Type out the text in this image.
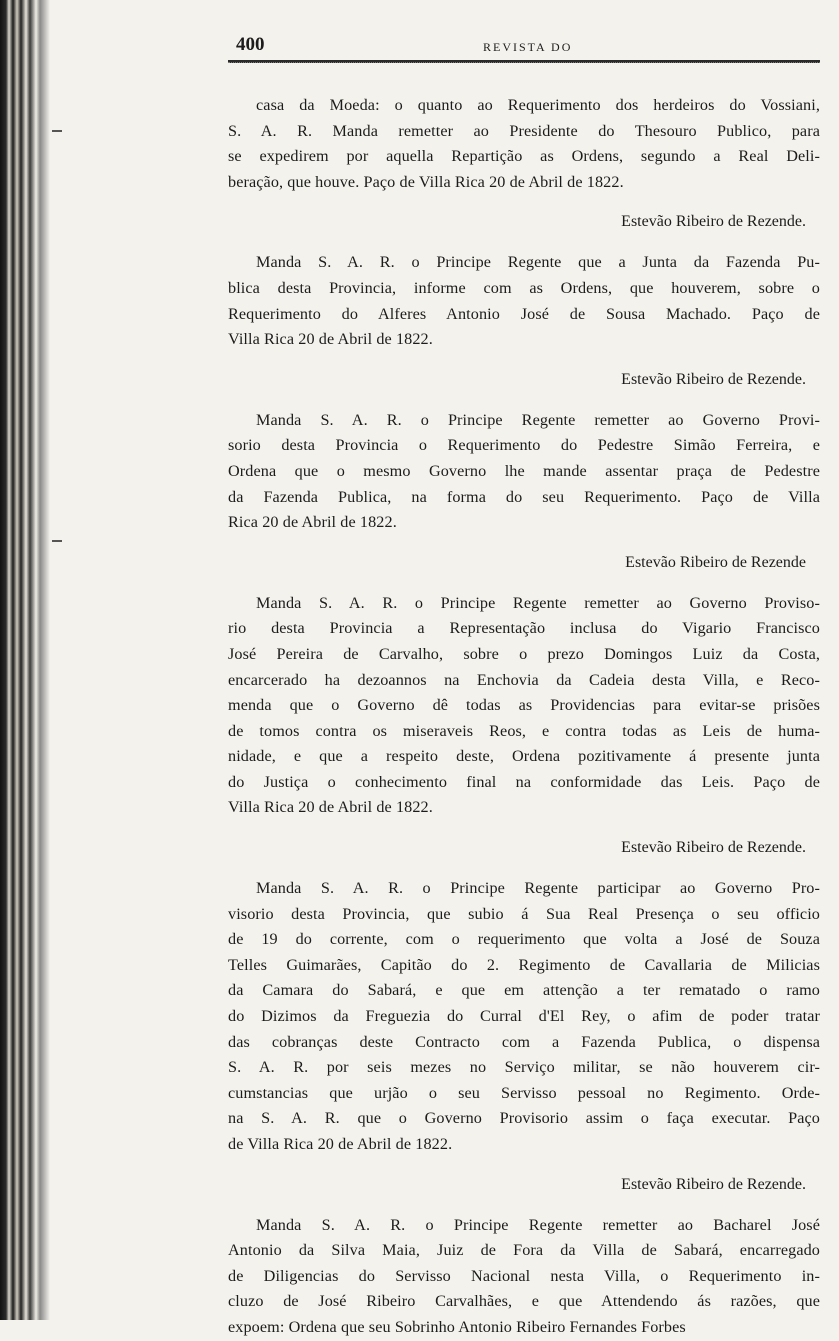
400	REVISTA DO
casa da Moeda: o quanto ao Requerimento dos herdeiros do Vossiani,
S. A. R. Manda remetter ao Presidente do Thesouro Publico, para
se expedirem por aquella Repartição as Ordens, segundo a Real Deli-
beração, que houve. Paço de Villa Rica 20 de Abril de 1822.
Estevão Ribeiro de Rezende.
Manda S. A. R. o Principe Regente que a Junta da Fazenda Pu-
blica desta Provincia, informe com as Ordens, que houverem, sobre o
Requerimento do Alferes Antonio José de Sousa Machado. Paço de
Villa Rica 20 de Abril de 1822.
Estevão Ribeiro de Rezende.
Manda S. A. R. o Principe Regente remetter ao Governo Provi-
sorio desta Provincia o Requerimento do Pedestre Simão Ferreira, e
Ordena que o mesmo Governo lhe mande assentar praça de Pedestre
da Fazenda Publica, na forma do seu Requerimento. Paço de Villa
Rica 20 de Abril de 1822.
Estevão Ribeiro de Rezende
Manda S. A. R. o Principe Regente remetter ao Governo Proviso-
rio desta Provincia a Representação inclusa do Vigario Francisco
José Pereira de Carvalho, sobre o prezo Domingos Luiz da Costa,
encarcerado ha dezoannos na Enchovia da Cadeia desta Villa, e Reco-
menda que o Governo dê todas as Providencias para evitar-se prisões
de tomos contra os miseraveis Reos, e contra todas as Leis de huma-
nidade, e que a respeito deste, Ordena pozitivamente á presente junta
do Justiça o conhecimento final na conformidade das Leis. Paço de
Villa Rica 20 de Abril de 1822.
Estevão Ribeiro de Rezende.
Manda S. A. R. o Principe Regente participar ao Governo Pro-
visorio desta Provincia, que subio á Sua Real Presença o seu officio
de 19 do corrente, com o requerimento que volta a José de Souza
Telles Guimarães, Capitão do 2. Regimento de Cavallaria de Milicias
da Camara do Sabará, e que em attenção a ter rematado o ramo
do Dizimos da Freguezia do Curral d'El Rey, o afim de poder tratar
das cobranças deste Contracto com a Fazenda Publica, o dispensa
S. A. R. por seis mezes no Serviço militar, se não houverem cir-
cumstancias que urjão o seu Servisso pessoal no Regimento. Orde-
na S. A. R. que o Governo Provisorio assim o faça executar. Paço
de Villa Rica 20 de Abril de 1822.
Estevão Ribeiro de Rezende.
Manda S. A. R. o Principe Regente remetter ao Bacharel José
Antonio da Silva Maia, Juiz de Fora da Villa de Sabará, encarregado
de Diligencias do Servisso Nacional nesta Villa, o Requerimento in-
cluzo de José Ribeiro Carvalhães, e que Attendendo ás razões, que
expoem: Ordena que seu Sobrinho Antonio Ribeiro Fernandes Forbes
